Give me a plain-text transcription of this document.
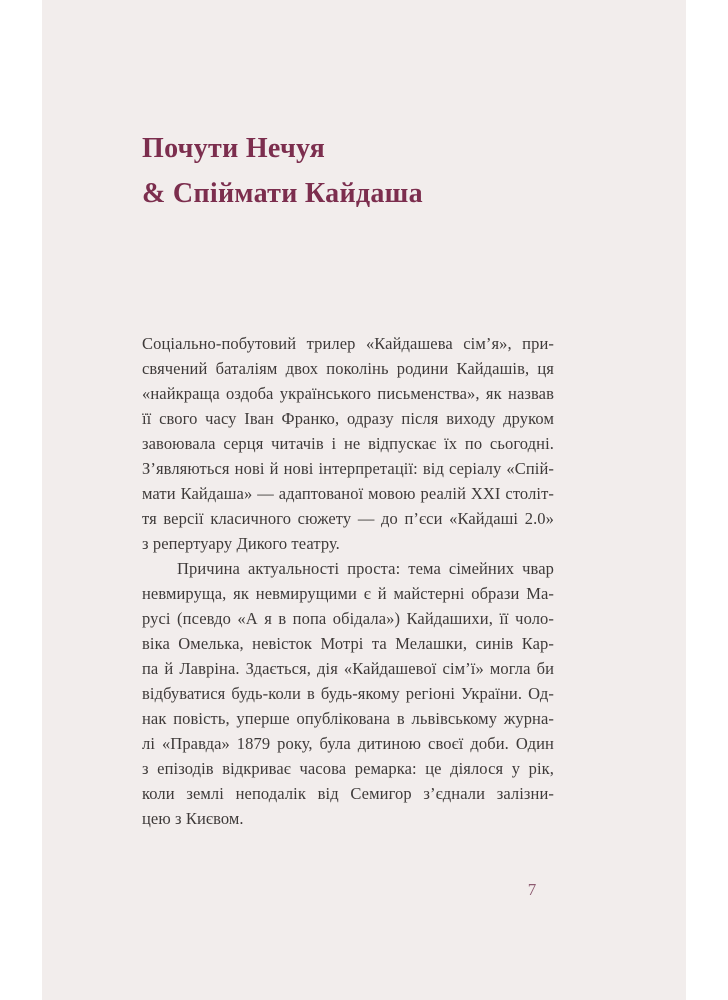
Почути Нечуя
& Спіймати Кайдаша
Соціально-побутовий трилер «Кайдашева сім’я», при-
свячений баталіям двох поколінь родини Кайдашів, ця
«найкраща оздоба українського письменства», як назвав
її свого часу Іван Франко, одразу після виходу друком
завоювала серця читачів і не відпускає їх по сьогодні.
З’являються нові й нові інтерпретації: від серіалу «Спій-
мати Кайдаша» — адаптованої мовою реалій XXI століт-
тя версії класичного сюжету — до п’єси «Кайдаші 2.0»
з репертуару Дикого театру.
Причина актуальності проста: тема сімейних чвар
невмируща, як невмирущими є й майстерні образи Ма-
русі (псевдо «А я в попа обідала») Кайдашихи, її чоло-
віка Омелька, невісток Мотрі та Мелашки, синів Кар-
па й Лавріна. Здається, дія «Кайдашевої сім’ї» могла би
відбуватися будь-коли в будь-якому регіоні України. Од-
нак повість, уперше опублікована в львівському журна-
лі «Правда» 1879 року, була дитиною своєї доби. Один
з епізодів відкриває часова ремарка: це діялося у рік,
коли землі неподалік від Семигор з’єднали залізни-
цею з Києвом.
7
